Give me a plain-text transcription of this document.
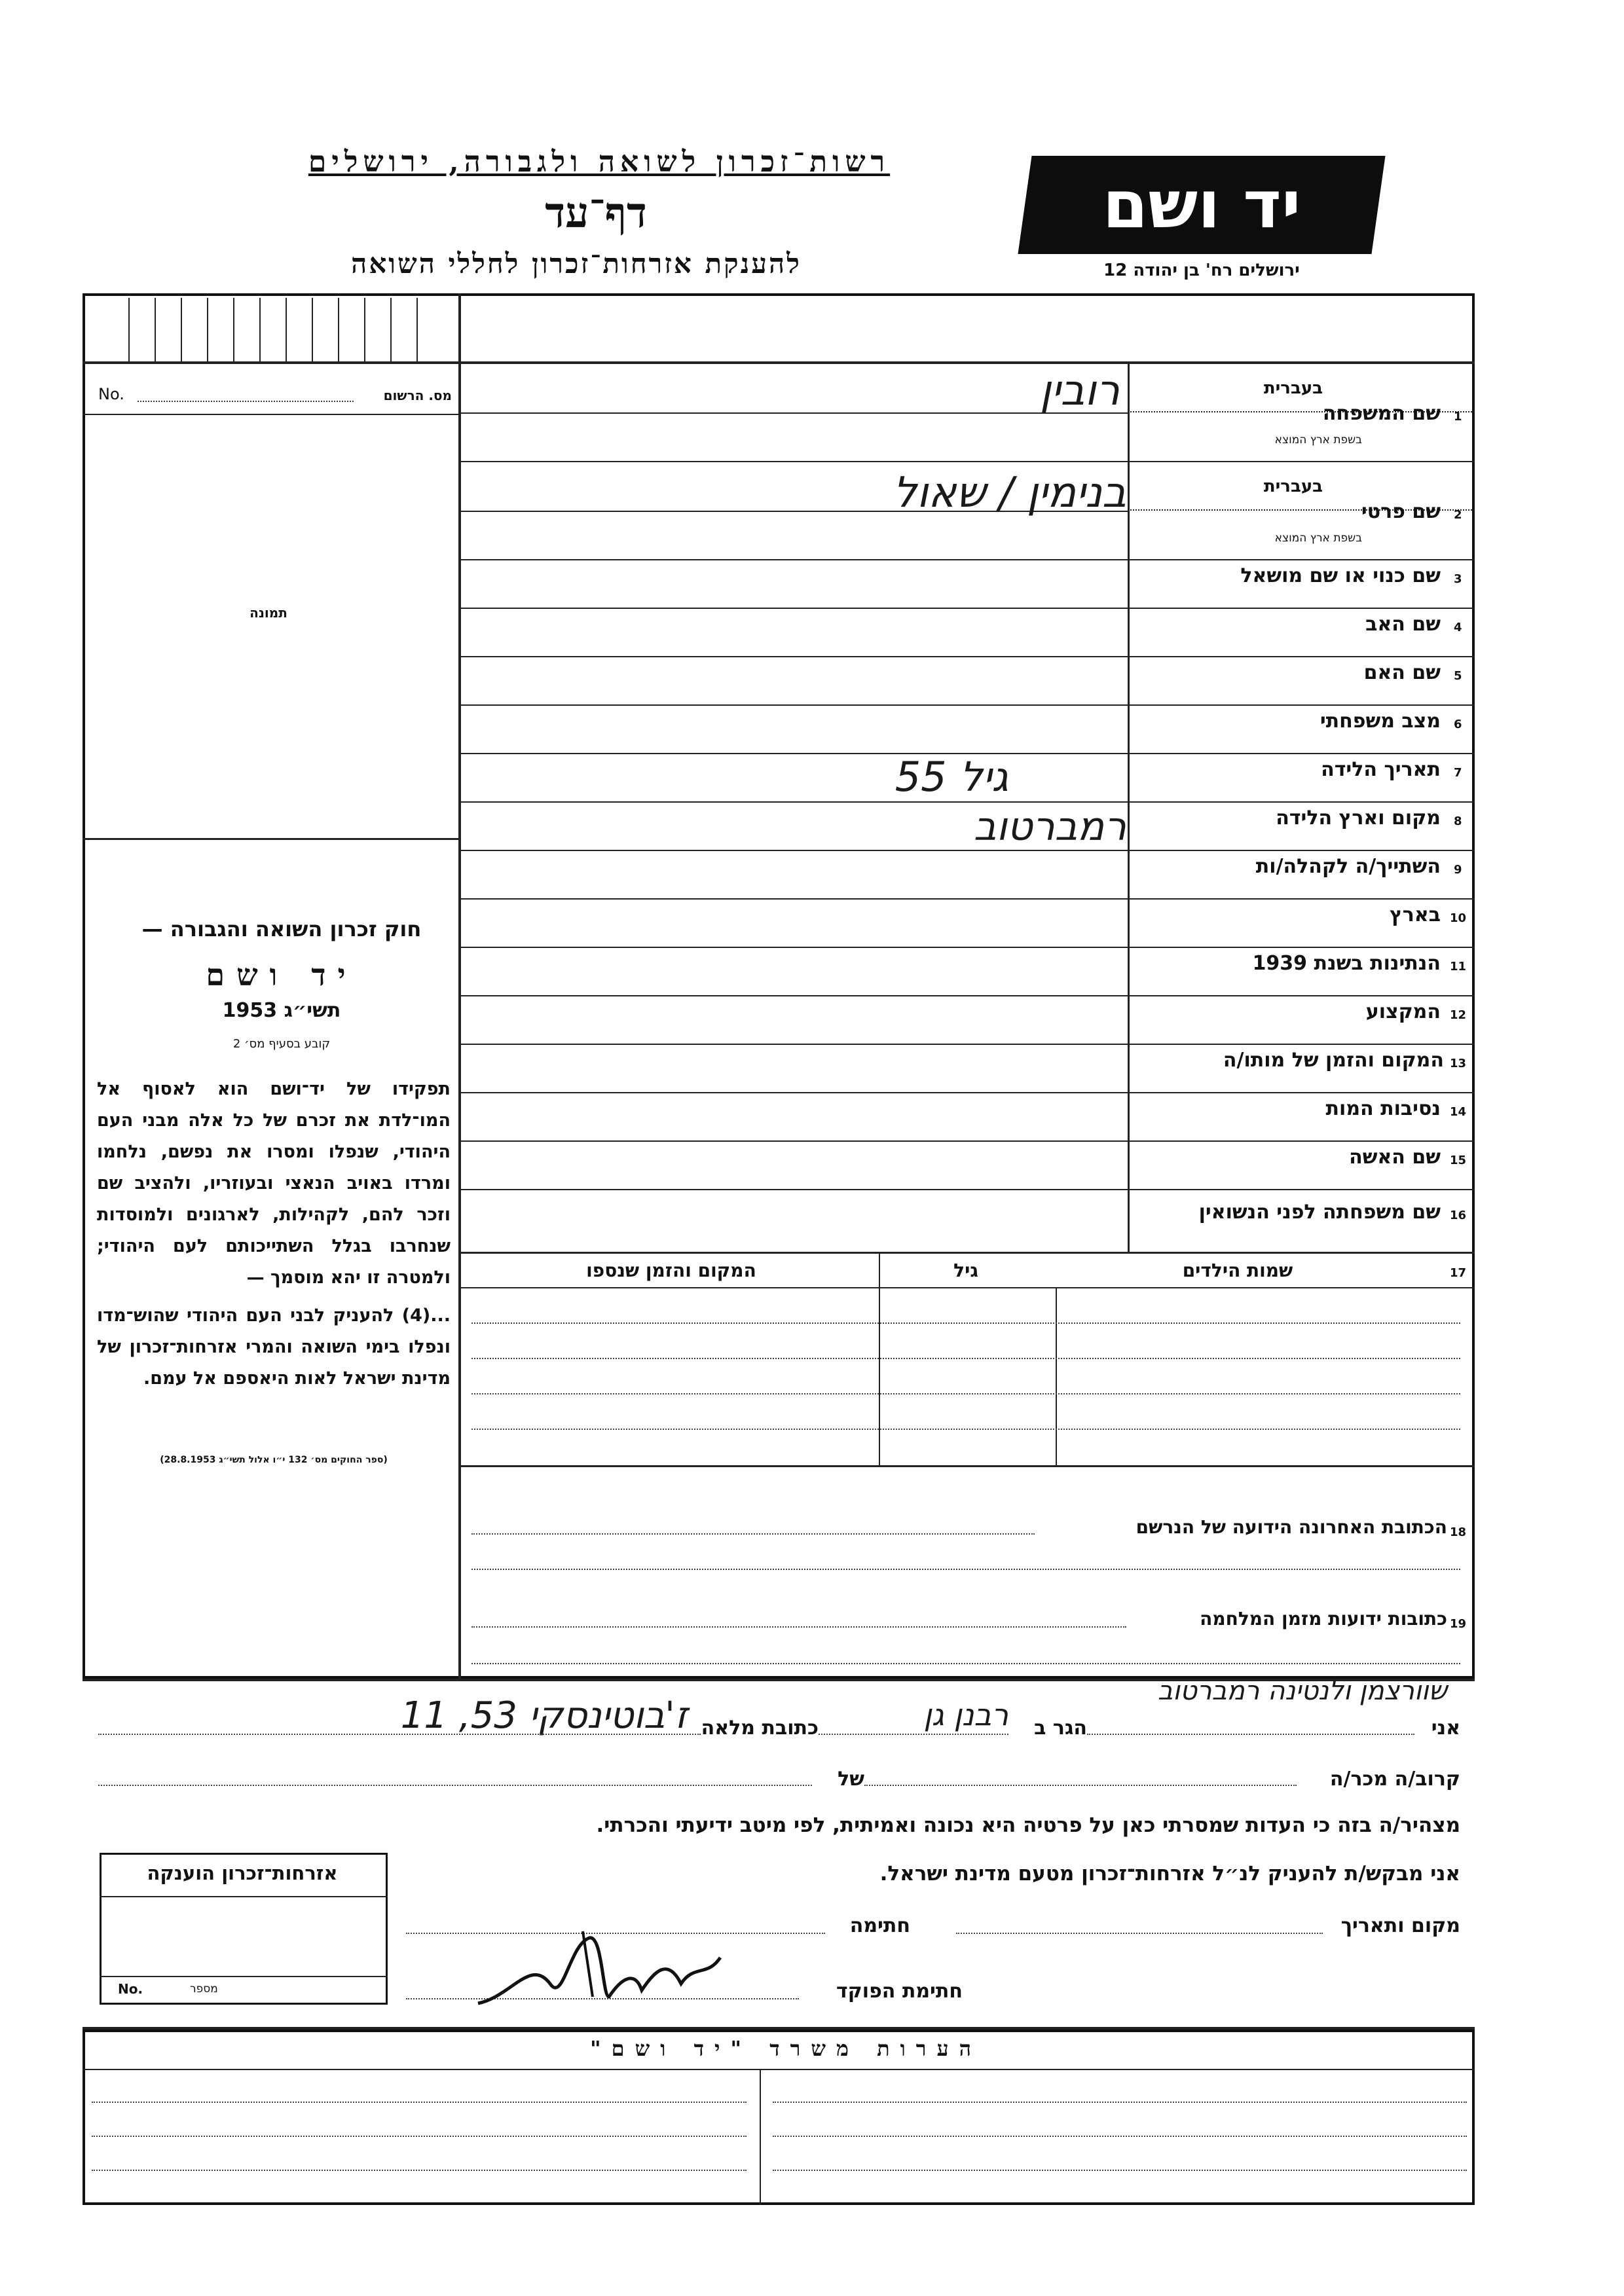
רשות־זכרון לשואה ולגבורה, ירושלים
דף־עד
להענקת אזרחות־זכרון לחללי השואה
יד ושם
ירושלים רח' בן יהודה 12
No.	מס. הרשום
תמונה
חוק זכרון השואה והגבורה —
יד ושם
תשי״ג 1953
קובע בסעיף מס׳ 2
תפקידו של יד־ושם הוא לאסוף אל המו־לדת את זכרם של כל אלה מבני העם היהודי, שנפלו ומסרו את נפשם, נלחמו ומרדו באויב הנאצי ובעוזריו, ולהציב שם וזכר להם, לקהילות, לארגונים ולמוסדות שנחרבו בגלל השתייכותם לעם היהודי; ולמטרה זו יהא מוסמך —
...(4) להעניק לבני העם היהודי שהוש־מדו ונפלו בימי השואה והמרי אזרחות־זכרון של מדינת ישראל לאות היאספם אל עמם.
(ספר החוקים מס׳ 132 י״ו אלול תשי״ג 28.8.1953)
1
שם המשפחה
בעברית
בשפת ארץ המוצא
רובין
2
שם פרטי
בעברית
בשפת ארץ המוצא
בנימין / שאול
3
שם כנוי או שם מושאל
4
שם האב
5
שם האם
6
מצב משפחתי
7
תאריך הלידה
גיל 55
8
מקום וארץ הלידה
רמברטוב
9
השתייך/ה לקהלה/ות
10
בארץ
11
הנתינות בשנת 1939
12
המקצוע
13
המקום והזמן של מותו/ה
14
נסיבות המות
15
שם האשה
16
שם משפחתה לפני הנשואין
17
שמות הילדים
גיל
המקום והזמן שנספו
18
הכתובת האחרונה הידועה של הנרשם
19
כתובות ידועות מזמן המלחמה
אני
שוורצמן ולנטינה רמברטוב
הגר ב
רבנן גן
כתובת מלאה
ז'בוטינסקי 53, 11
קרוב/ה מכר/ה
של
מצהיר/ה בזה כי העדות שמסרתי כאן על פרטיה היא נכונה ואמיתית, לפי מיטב ידיעתי והכרתי.
אני מבקש/ת להעניק לנ״ל אזרחות־זכרון מטעם מדינת ישראל.
מקום ותאריך
חתימה
חתימת הפוקד
אזרחות־זכרון הוענקה
No.	מספר
הערות משרד "יד ושם"
